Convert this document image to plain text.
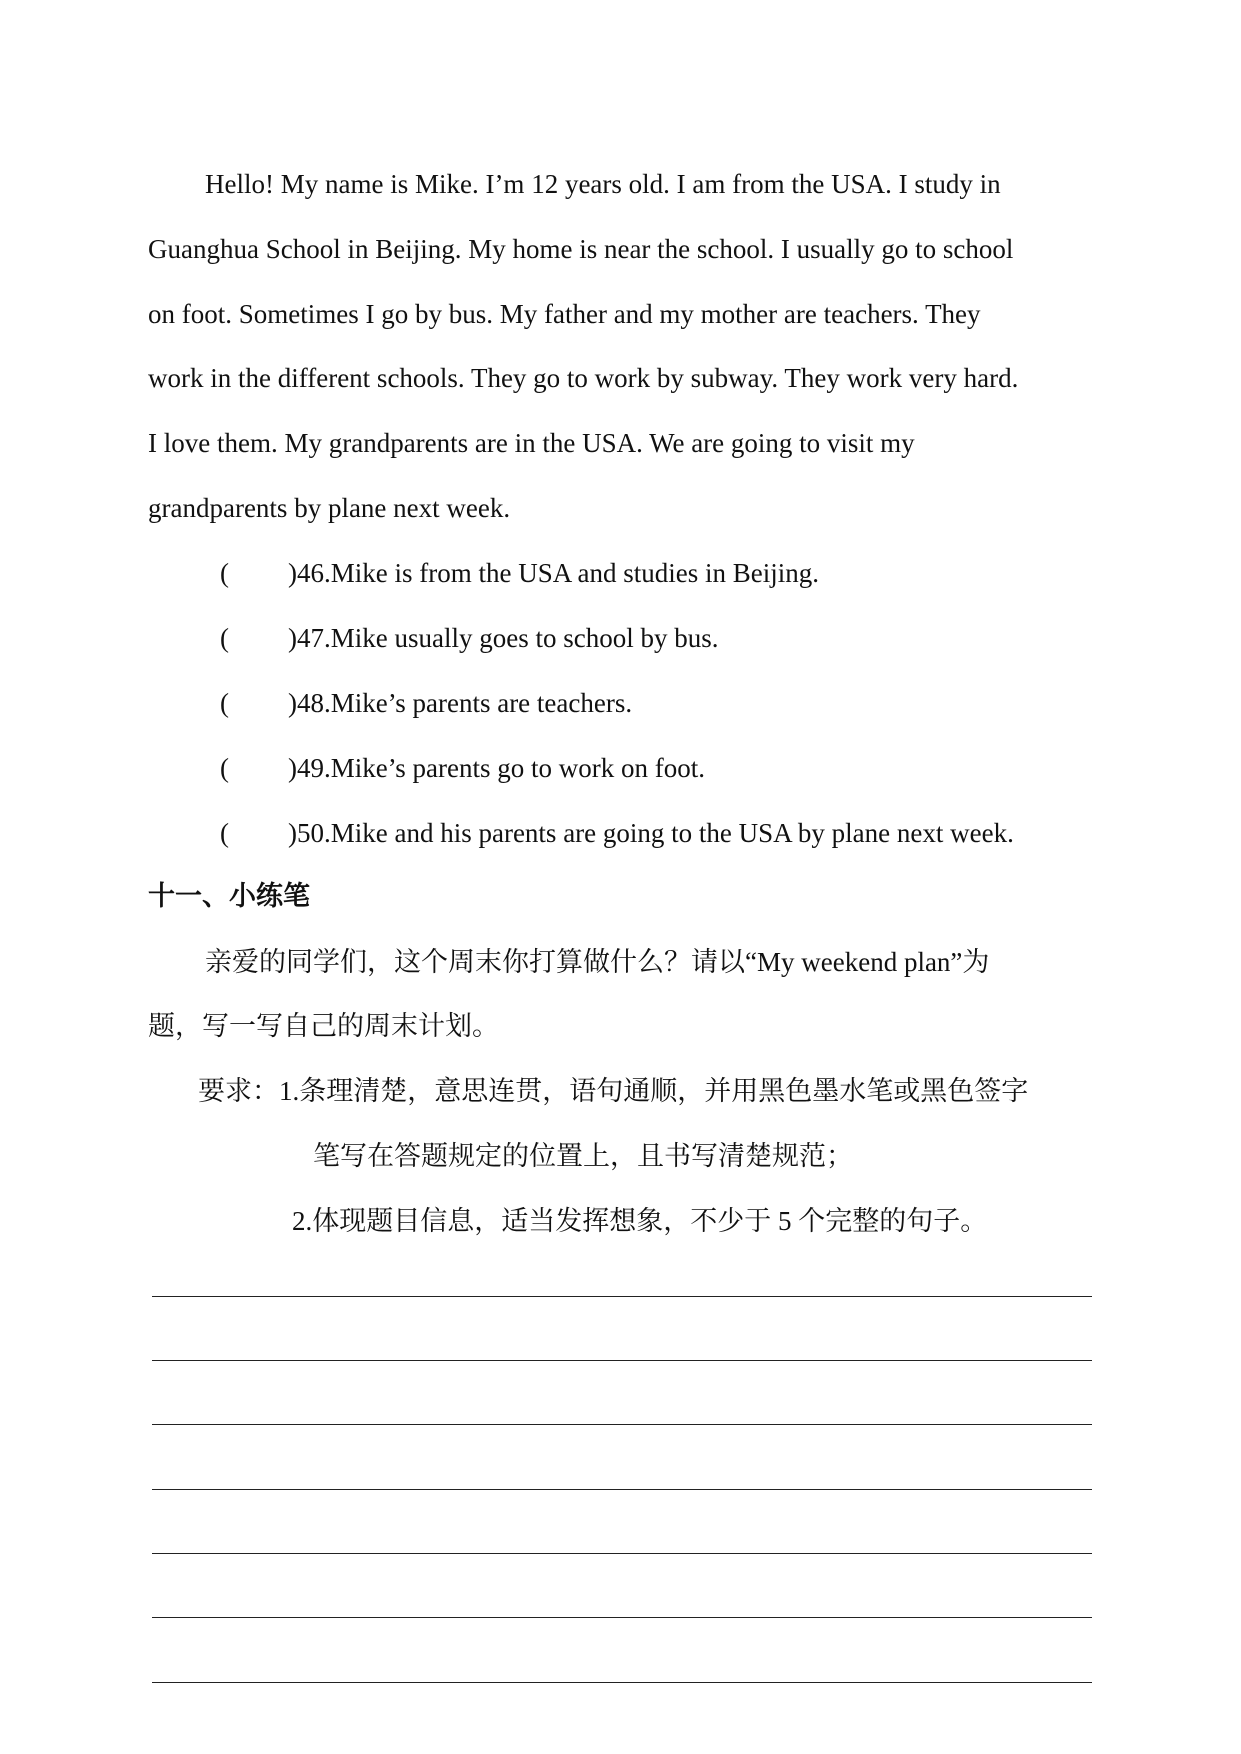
Hello! My name is Mike. I’m 12 years old. I am from the USA. I study in
Guanghua School in Beijing. My home is near the school. I usually go to school
on foot. Sometimes I go by bus. My father and my mother are teachers. They
work in the different schools. They go to work by subway. They work very hard.
I love them. My grandparents are in the USA. We are going to visit my
grandparents by plane next week.
( )46.Mike is from the USA and studies in Beijing.
( )47.Mike usually goes to school by bus.
( )48.Mike’s parents are teachers.
( )49.Mike’s parents go to work on foot.
( )50.Mike and his parents are going to the USA by plane next week.
十一、小练笔
亲爱的同学们，这个周末你打算做什么？请以“My weekend plan”为
题，写一写自己的周末计划。
要求：1.条理清楚，意思连贯，语句通顺，并用黑色墨水笔或黑色签字
笔写在答题规定的位置上，且书写清楚规范；
2.体现题目信息，适当发挥想象，不少于 5 个完整的句子。
